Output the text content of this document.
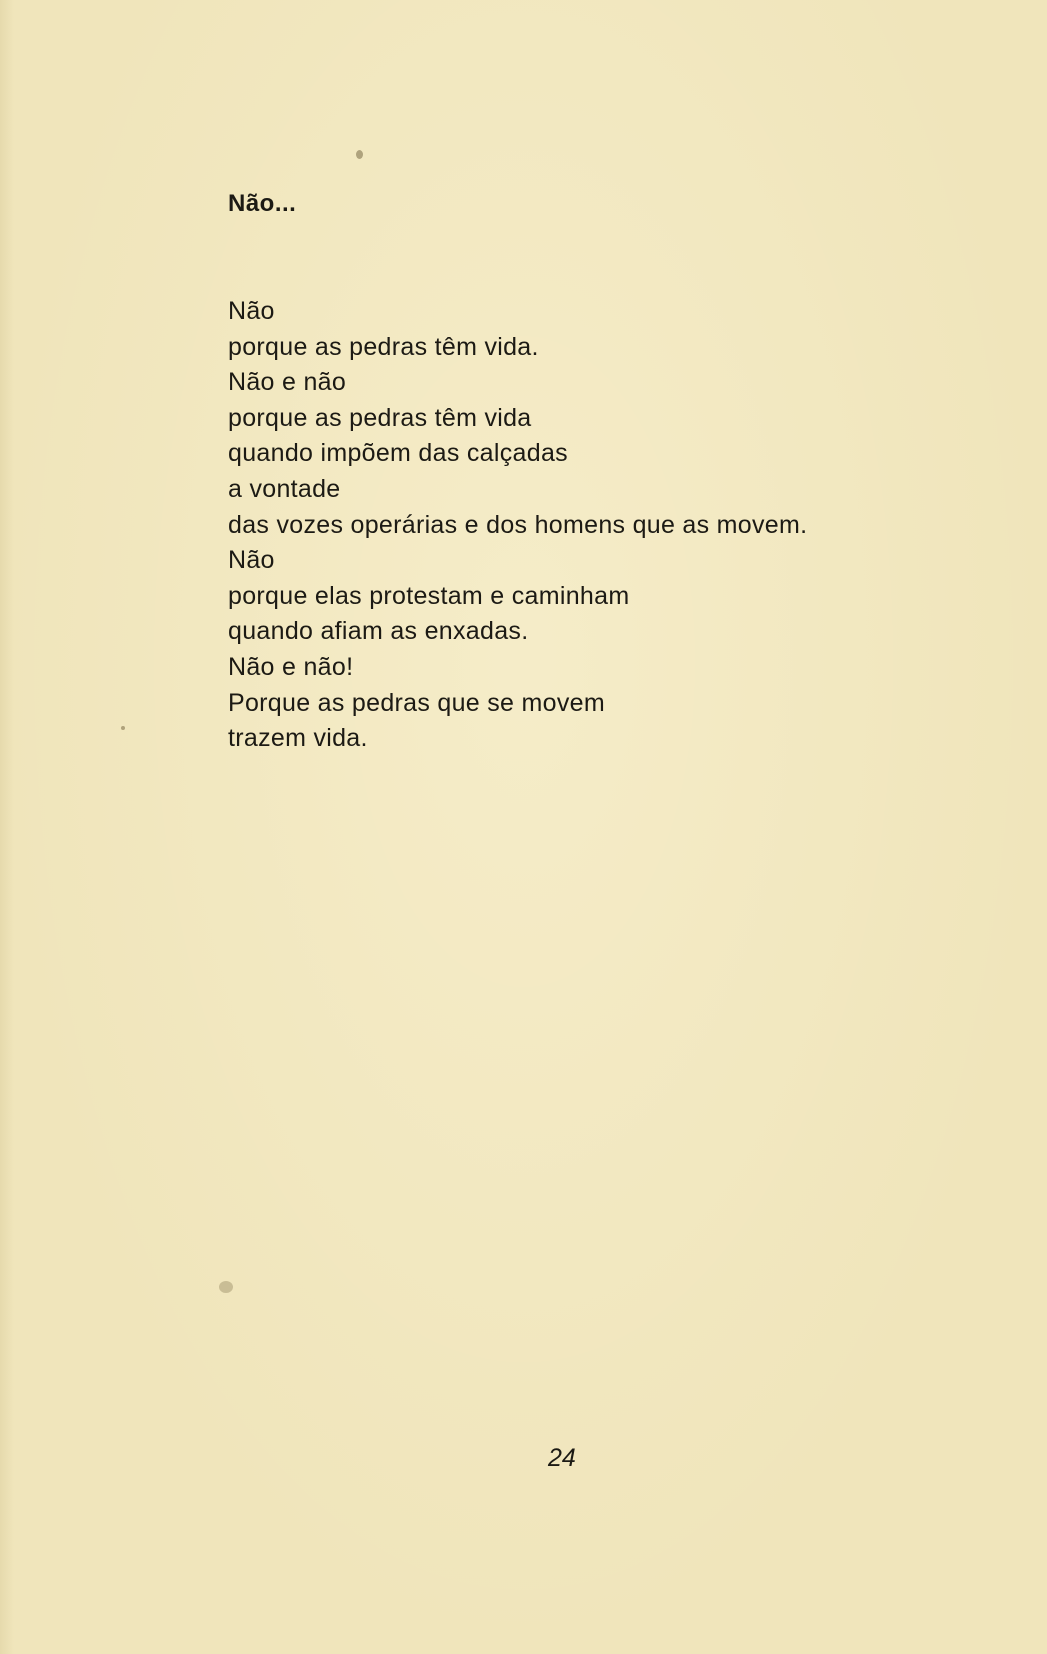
Não...
Não
porque as pedras têm vida.
Não e não
porque as pedras têm vida
quando impõem das calçadas
a vontade
das vozes operárias e dos homens que as movem.
Não
porque elas protestam e caminham
quando afiam as enxadas.
Não e não!
Porque as pedras que se movem
trazem vida.
24
